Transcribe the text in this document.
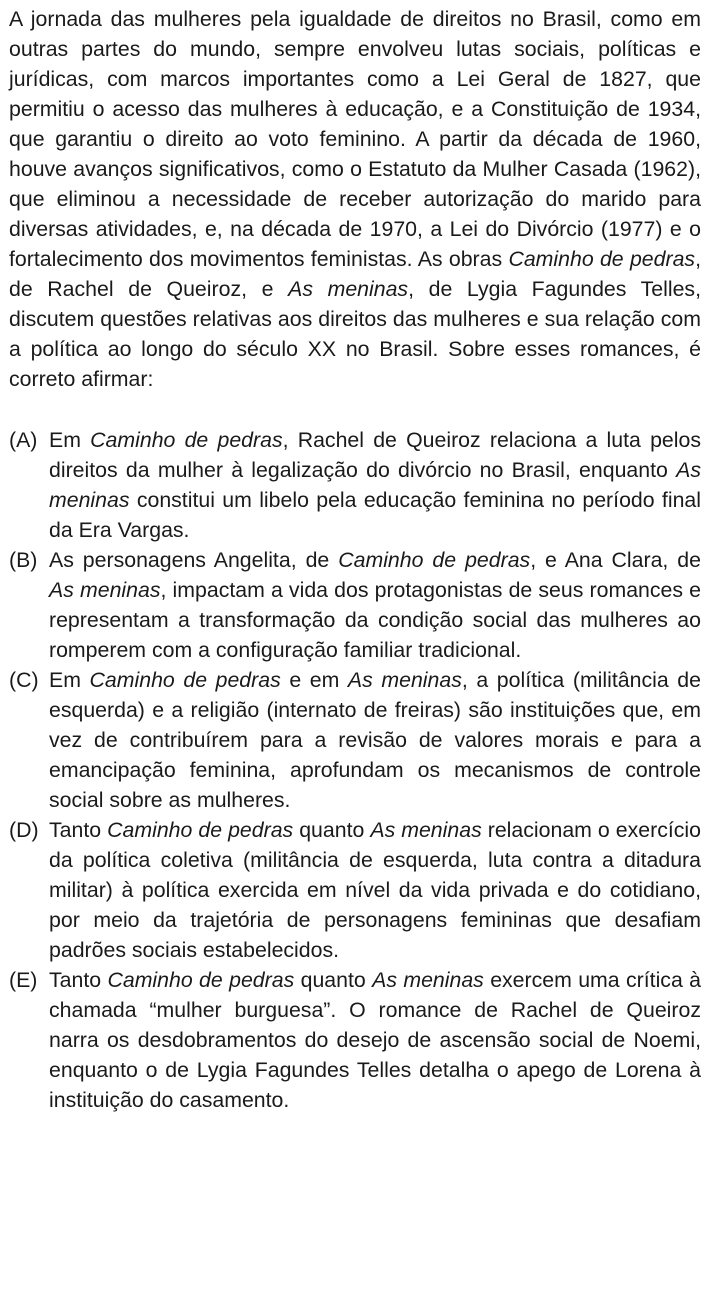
A jornada das mulheres pela igualdade de direitos no Brasil, como em outras partes do mundo, sempre envolveu lutas sociais, políticas e jurídicas, com marcos importantes como a Lei Geral de 1827, que permitiu o acesso das mulheres à educação, e a Constituição de 1934, que garantiu o direito ao voto feminino. A partir da década de 1960, houve avanços significativos, como o Estatuto da Mulher Casada (1962), que eliminou a necessidade de receber autorização do marido para diversas atividades, e, na década de 1970, a Lei do Divórcio (1977) e o fortalecimento dos movimentos feministas. As obras Caminho de pedras, de Rachel de Queiroz, e As meninas, de Lygia Fagundes Telles, discutem questões relativas aos direitos das mulheres e sua relação com a política ao longo do século XX no Brasil. Sobre esses romances, é correto afirmar:

(A) Em Caminho de pedras, Rachel de Queiroz relaciona a luta pelos direitos da mulher à legalização do divórcio no Brasil, enquanto As meninas constitui um libelo pela educação feminina no período final da Era Vargas.
(B) As personagens Angelita, de Caminho de pedras, e Ana Clara, de As meninas, impactam a vida dos protagonistas de seus romances e representam a transformação da condição social das mulheres ao romperem com a configuração familiar tradicional.
(C) Em Caminho de pedras e em As meninas, a política (militância de esquerda) e a religião (internato de freiras) são instituições que, em vez de contribuírem para a revisão de valores morais e para a emancipação feminina, aprofundam os mecanismos de controle social sobre as mulheres.
(D) Tanto Caminho de pedras quanto As meninas relacionam o exercício da política coletiva (militância de esquerda, luta contra a ditadura militar) à política exercida em nível da vida privada e do cotidiano, por meio da trajetória de personagens femininas que desafiam padrões sociais estabelecidos.
(E) Tanto Caminho de pedras quanto As meninas exercem uma crítica à chamada “mulher burguesa”. O romance de Rachel de Queiroz narra os desdobramentos do desejo de ascensão social de Noemi, enquanto o de Lygia Fagundes Telles detalha o apego de Lorena à instituição do casamento.
